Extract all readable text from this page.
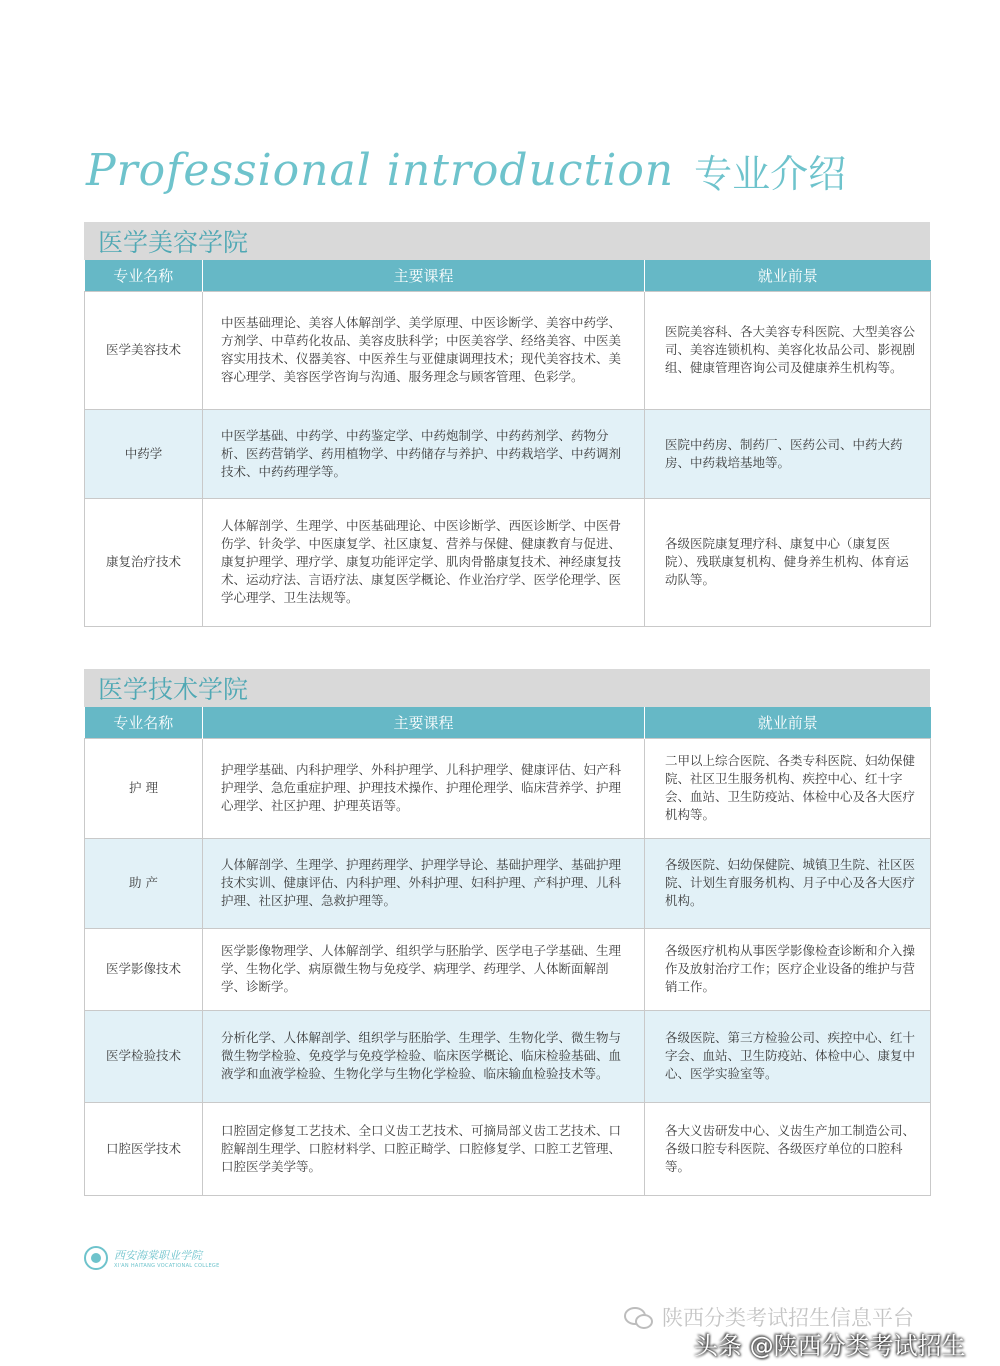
Professional introduction 专业介绍
医学美容学院
专业名称	主要课程	就业前景
医学美容技术	中医基础理论、美容人体解剖学、美学原理、中医诊断学、美容中药学、方剂学、中草药化妆品、美容皮肤科学；中医美容学、经络美容、中医美容实用技术、仪器美容、中医养生与亚健康调理技术；现代美容技术、美容心理学、美容医学咨询与沟通、服务理念与顾客管理、色彩学。	医院美容科、各大美容专科医院、大型美容公司、美容连锁机构、美容化妆品公司、影视剧组、健康管理咨询公司及健康养生机构等。
中药学	中医学基础、中药学、中药鉴定学、中药炮制学、中药药剂学、药物分析、医药营销学、药用植物学、中药储存与养护、中药栽培学、中药调剂技术、中药药理学等。	医院中药房、制药厂、医药公司、中药大药房、中药栽培基地等。
康复治疗技术	人体解剖学、生理学、中医基础理论、中医诊断学、西医诊断学、中医骨伤学、针灸学、中医康复学、社区康复、营养与保健、健康教育与促进、康复护理学、理疗学、康复功能评定学、肌肉骨骼康复技术、神经康复技术、运动疗法、言语疗法、康复医学概论、作业治疗学、医学伦理学、医学心理学、卫生法规等。	各级医院康复理疗科、康复中心（康复医院）、残联康复机构、健身养生机构、体育运动队等。
医学技术学院
专业名称	主要课程	就业前景
护 理	护理学基础、内科护理学、外科护理学、儿科护理学、健康评估、妇产科护理学、急危重症护理、护理技术操作、护理伦理学、临床营养学、护理心理学、社区护理、护理英语等。	二甲以上综合医院、各类专科医院、妇幼保健院、社区卫生服务机构、疾控中心、红十字会、血站、卫生防疫站、体检中心及各大医疗机构等。
助 产	人体解剖学、生理学、护理药理学、护理学导论、基础护理学、基础护理技术实训、健康评估、内科护理、外科护理、妇科护理、产科护理、儿科护理、社区护理、急救护理等。	各级医院、妇幼保健院、城镇卫生院、社区医院、计划生育服务机构、月子中心及各大医疗机构。
医学影像技术	医学影像物理学、人体解剖学、组织学与胚胎学、医学电子学基础、生理学、生物化学、病原微生物与免疫学、病理学、药理学、人体断面解剖学、诊断学。	各级医疗机构从事医学影像检查诊断和介入操作及放射治疗工作；医疗企业设备的维护与营销工作。
医学检验技术	分析化学、人体解剖学、组织学与胚胎学、生理学、生物化学、微生物与微生物学检验、免疫学与免疫学检验、临床医学概论、临床检验基础、血液学和血液学检验、生物化学与生物化学检验、临床输血检验技术等。	各级医院、第三方检验公司、疾控中心、红十字会、血站、卫生防疫站、体检中心、康复中心、医学实验室等。
口腔医学技术	口腔固定修复工艺技术、全口义齿工艺技术、可摘局部义齿工艺技术、口腔解剖生理学、口腔材料学、口腔正畸学、口腔修复学、口腔工艺管理、口腔医学美学等。	各大义齿研发中心、义齿生产加工制造公司、各级口腔专科医院、各级医疗单位的口腔科等。
西安海棠职业学院
XI'AN HAITANG VOCATIONAL COLLEGE
陕西分类考试招生信息平台
头条 @陕西分类考试招生
